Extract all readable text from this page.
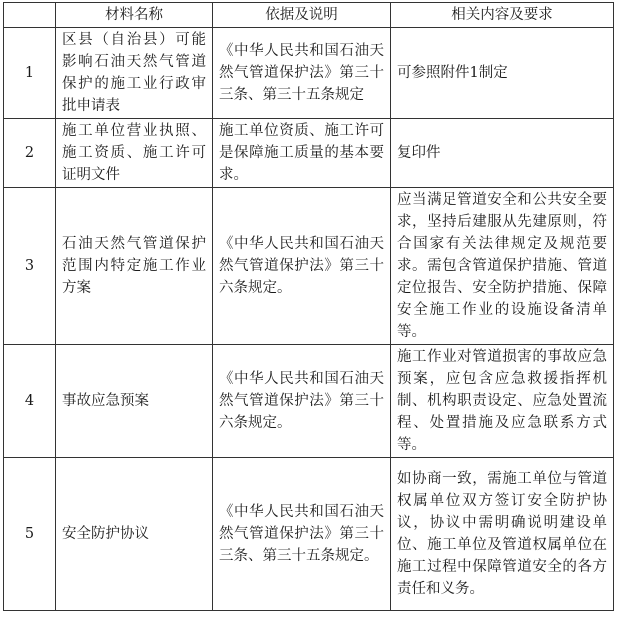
	材料名称	依据及说明	相关内容及要求
1	区县（自治县）可能影响石油天然气管道保护的施工业行政审批申请表	《中华人民共和国石油天然气管道保护法》第三十三条、第三十五条规定	可参照附件1制定
2	施工单位营业执照、施工资质、施工许可证明文件	施工单位资质、施工许可是保障施工质量的基本要求。	复印件
3	石油天然气管道保护范围内特定施工作业方案	《中华人民共和国石油天然气管道保护法》第三十六条规定。	应当满足管道安全和公共安全要求，坚持后建服从先建原则，符合国家有关法律规定及规范要求。需包含管道保护措施、管道定位报告、安全防护措施、保障安全施工作业的设施设备清单等。
4	事故应急预案	《中华人民共和国石油天然气管道保护法》第三十六条规定。	施工作业对管道损害的事故应急预案，应包含应急救援指挥机制、机构职责设定、应急处置流程、处置措施及应急联系方式等。
5	安全防护协议	《中华人民共和国石油天然气管道保护法》第三十三条、第三十五条规定。	如协商一致，需施工单位与管道权属单位双方签订安全防护协议，协议中需明确说明建设单位、施工单位及管道权属单位在施工过程中保障管道安全的各方责任和义务。
